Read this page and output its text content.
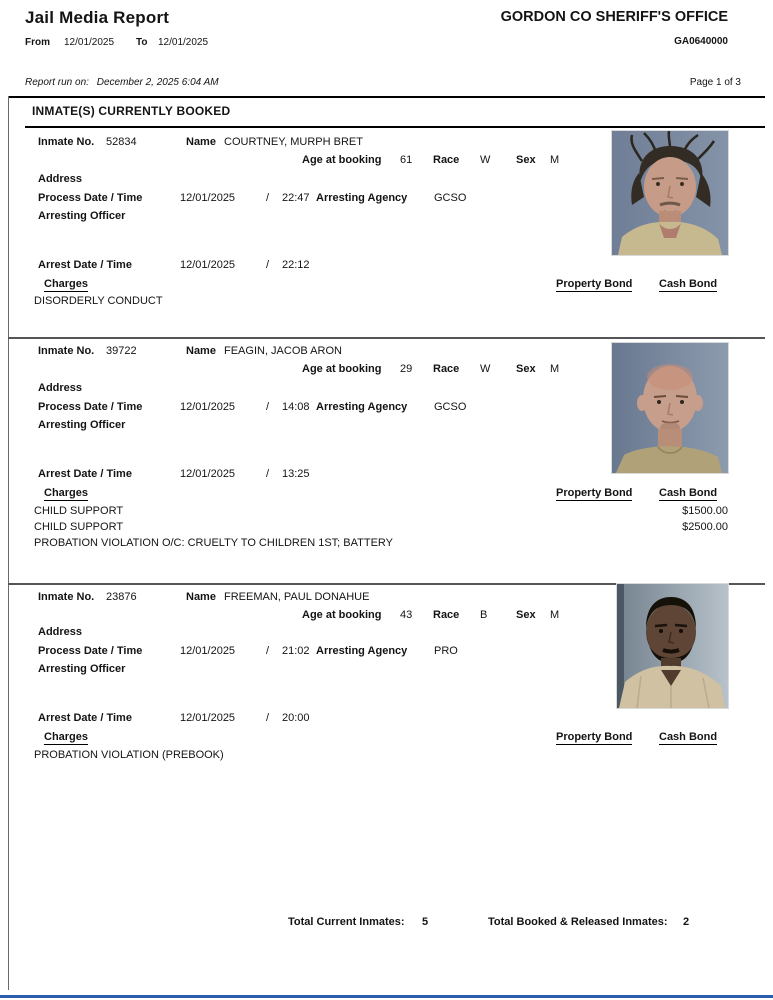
Jail Media Report
From 12/01/2025 To 12/01/2025
GORDON CO SHERIFF'S OFFICE
GA0640000
Report run on: December 2, 2025 6:04 AM	Page 1 of 3
INMATE(S) CURRENTLY BOOKED
Inmate No. 52834	Name COURTNEY, MURPH BRET
Age at booking 61 Race W Sex M
Address
Process Date / Time	12/01/2025	/ 22:47 Arresting Agency GCSO
Arresting Officer
Arrest Date / Time	12/01/2025	/ 22:12
Charges	Property Bond Cash Bond
DISORDERLY CONDUCT
Inmate No. 39722	Name FEAGIN, JACOB ARON
Age at booking 29 Race W Sex M
Address
Process Date / Time	12/01/2025	/ 14:08 Arresting Agency GCSO
Arresting Officer
Arrest Date / Time	12/01/2025	/ 13:25
Charges	Property Bond Cash Bond
CHILD SUPPORT	$1500.00
CHILD SUPPORT	$2500.00
PROBATION VIOLATION O/C: CRUELTY TO CHILDREN 1ST; BATTERY
Inmate No. 23876	Name FREEMAN, PAUL DONAHUE
Age at booking 43 Race B	Sex M
Address
Process Date / Time	12/01/2025	/ 21:02 Arresting Agency PRO
Arresting Officer
Arrest Date / Time	12/01/2025	/ 20:00
Charges	Property Bond Cash Bond
PROBATION VIOLATION (PREBOOK)
Total Current Inmates: 5	Total Booked & Released Inmates: 2
